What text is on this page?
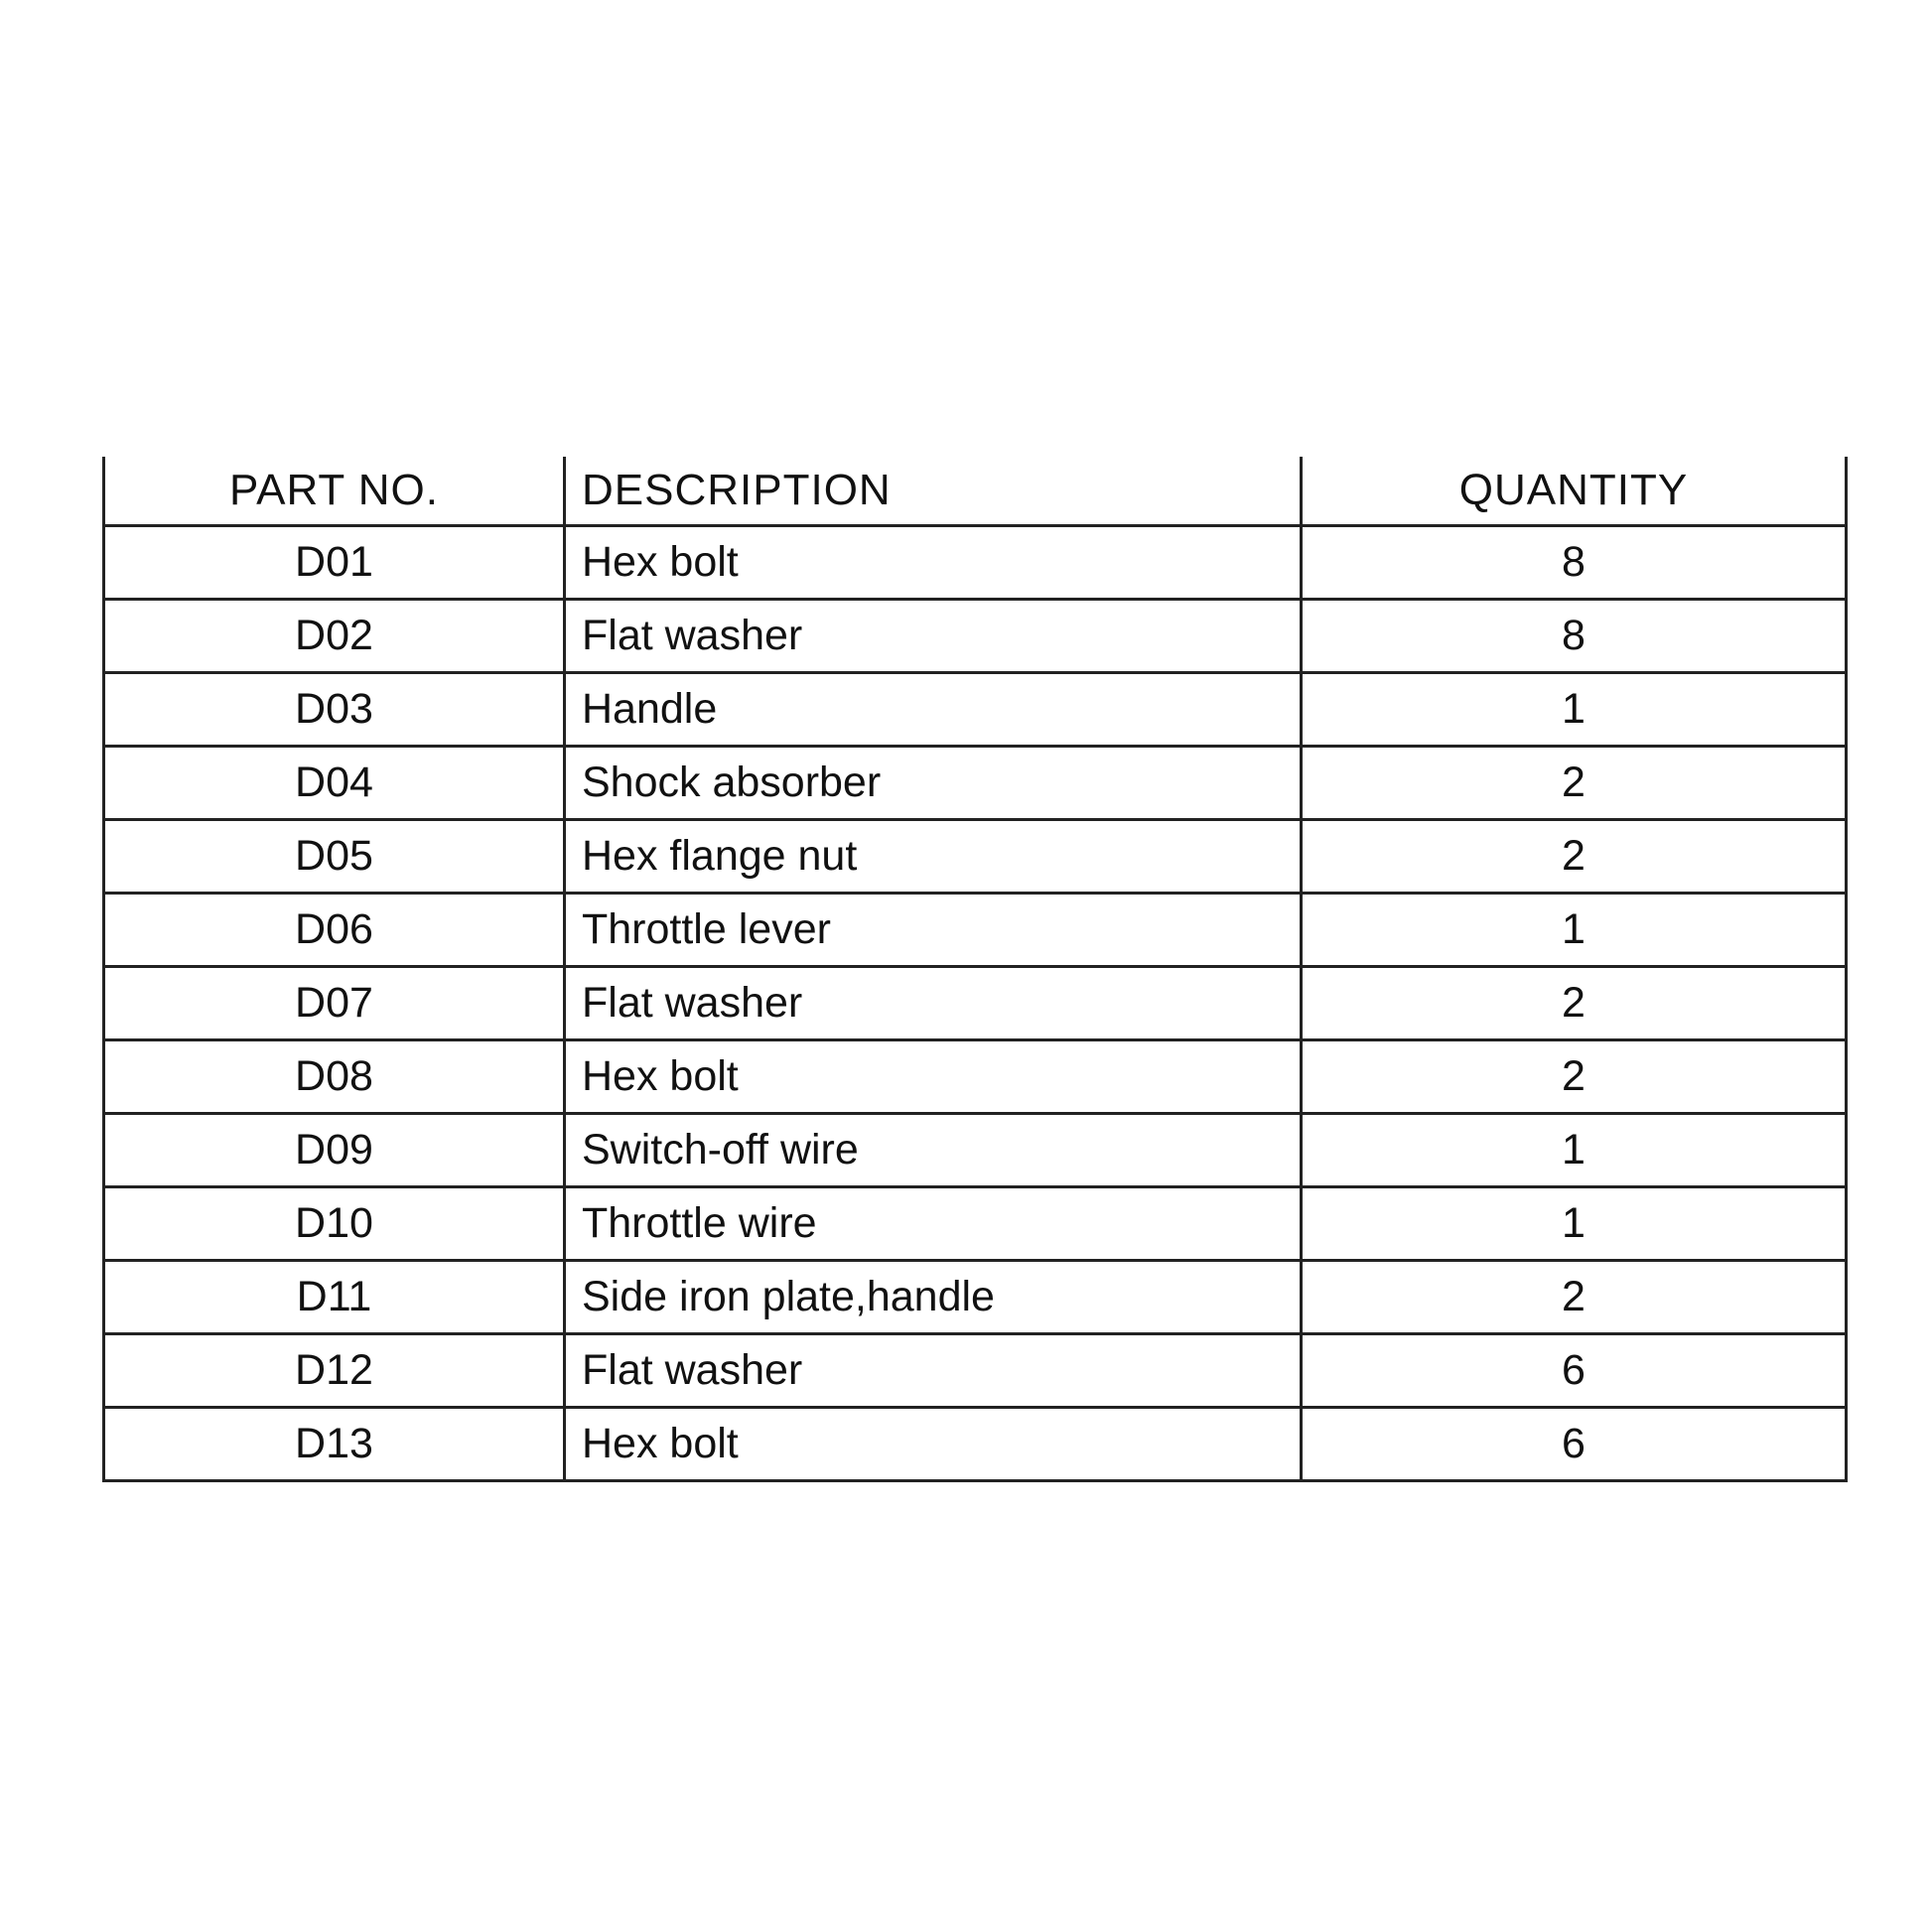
PART NO.	DESCRIPTION	QUANTITY
D01	Hex bolt	8
D02	Flat washer	8
D03	Handle	1
D04	Shock absorber	2
D05	Hex flange nut	2
D06	Throttle lever	1
D07	Flat washer	2
D08	Hex bolt	2
D09	Switch-off wire	1
D10	Throttle wire	1
D11	Side iron plate,handle	2
D12	Flat washer	6
D13	Hex bolt	6
